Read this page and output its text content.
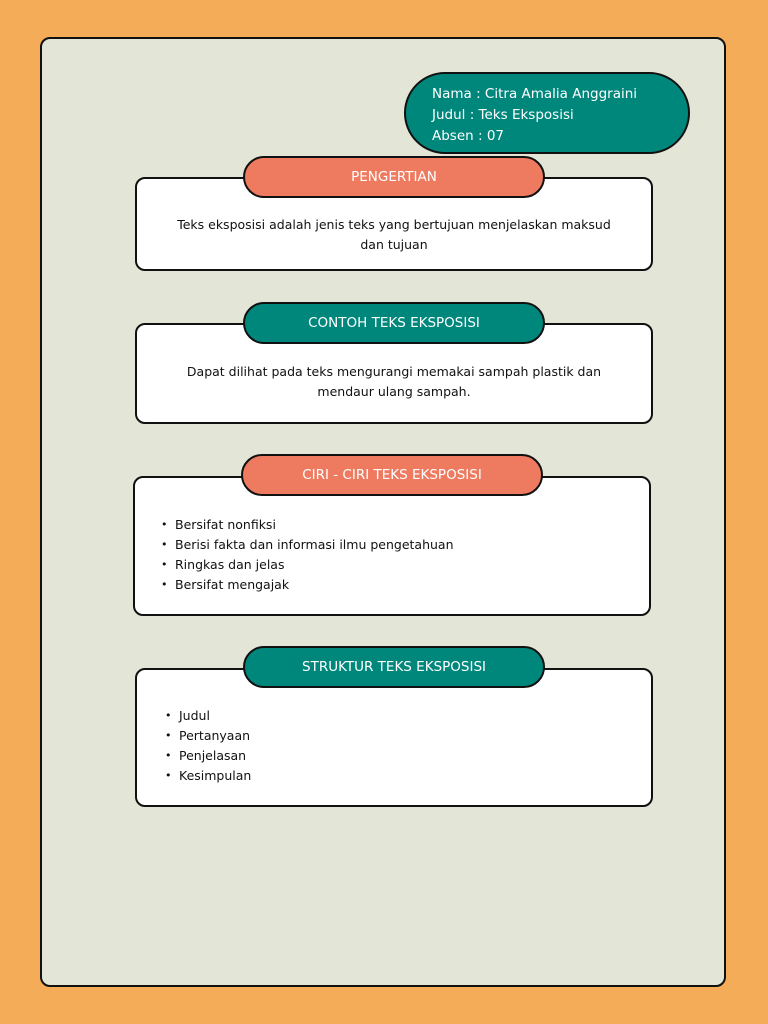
Nama : Citra Amalia Anggraini
Judul : Teks Eksposisi
Absen : 07

Teks eksposisi adalah jenis teks yang bertujuan menjelaskan maksud dan tujuan

PENGERTIAN

Dapat dilihat pada teks mengurangi memakai sampah plastik dan mendaur ulang sampah.

CONTOH TEKS EKSPOSISI
• Bersifat nonfiksi
• Berisi fakta dan informasi ilmu pengetahuan
• Ringkas dan jelas
• Bersifat mengajak
CIRI - CIRI TEKS EKSPOSISI
• Judul
• Pertanyaan
• Penjelasan
• Kesimpulan
STRUKTUR TEKS EKSPOSISI
